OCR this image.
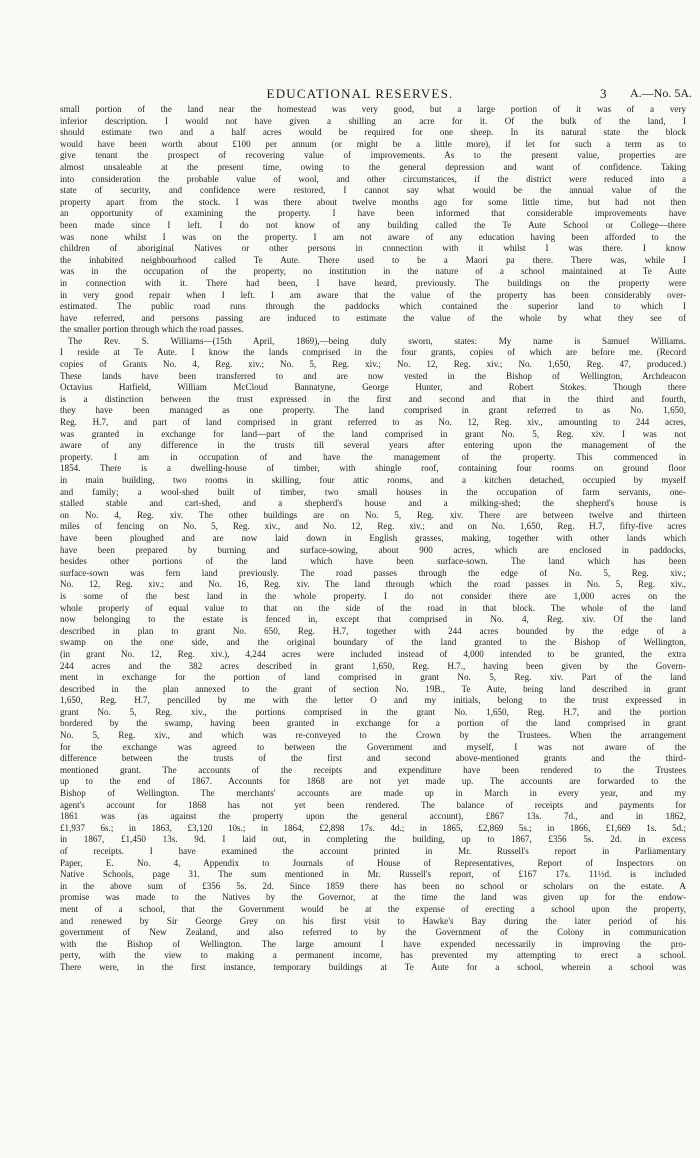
EDUCATIONAL RESERVES.	3 A.—No. 5A.
small portion of the land near the homestead was very good, but a large portion of it was of a very
inferior description. I would not have given a shilling an acre for it. Of the bulk of the land, I
should estimate two and a half acres would be required for one sheep. In its natural state the block
would have been worth about £100 per annum (or might be a little more), if let for such a term as to
give tenant the prospect of recovering value of improvements. As to the present value, properties are
almost unsaleable at the present time, owing to the general depression and want of confidence. Taking
into consideration the probable value of wool, and other circumstances, if the district were reduced into a
state of security, and confidence were restored, I cannot say what would be the annual value of the
property apart from the stock. I was there about twelve months ago for some little time, but had not then
an opportunity of examining the property. I have been informed that considerable improvements have
been made since I left. I do not know of any building called the Te Aute School or College—there
was none whilst I was on the property. I am not aware of any education having been afforded to the
children of aboriginal Natives or other persons in connection with it whilst I was there. I know
the inhabited neighbourhood called Te Aute. There used to be a Maori pa there. There was, while I
was in the occupation of the property, no institution in the nature of a school maintained at Te Aute
in connection with it. There had been, I have heard, previously. The buildings on the property were
in very good repair when I left. I am aware that the value of the property has been considerably over-
estimated. The public road runs through the paddocks which contained the superior land to which I
have referred, and persons passing are induced to estimate the value of the whole by what they see of
the smaller portion through which the road passes.
The Rev. S. Williams—(15th April, 1869),—being duly sworn, states: My name is Samuel Williams.
I reside at Te Aute. I know the lands comprised in the four grants, copies of which are before me. (Record
copies of Grants No. 4, Reg. xiv.; No. 5, Reg. xiv.; No. 12, Reg. xiv.; No. 1,650, Reg. 47, produced.)
These lands have been transferred to and are now vested in the Bishop of Wellington, Archdeacon
Octavius Hatfield, William McCloud Bannatyne, George Hunter, and Robert Stokes. Though there
is a distinction between the trust expressed in the first and second and that in the third and fourth,
they have been managed as one property. The land comprised in grant referred to as No. 1,650,
Reg. H.7, and part of land comprised in grant referred to as No. 12, Reg. xiv., amounting to 244 acres,
was granted in exchange for land—part of the land comprised in grant No. 5, Reg. xiv. I was not
aware of any difference in the trusts till several years after entering upon the management of the
property. I am in occupation of and have the management of the property. This commenced in
1854. There is a dwelling-house of timber, with shingle roof, containing four rooms on ground floor
in main building, two rooms in skilling, four attic rooms, and a kitchen detached, occupied by myself
and family; a wool-shed built of timber, two small houses in the occupation of farm servants, one-
stalled stable and cart-shed, and a shepherd's house and a milking-shed; the shepherd's house is
on No. 4, Reg. xiv. The other buildings are on No. 5, Reg. xiv. There are between twelve and thirteen
miles of fencing on No. 5, Reg. xiv., and No. 12, Reg. xiv.; and on No. 1,650, Reg. H.7, fifty-five acres
have been ploughed and are now laid down in English grasses, making, together with other lands which
have been prepared by burning and surface-sowing, about 900 acres, which are enclosed in paddocks,
besides other portions of the land which have been surface-sown. The land which has been
surface-sown was fern land previously. The road passes through the edge of No. 5, Reg. xiv.;
No. 12, Reg. xiv.; and No. 16, Reg. xiv. The land through which the road passes in No. 5, Reg. xiv.,
is some of the best land in the whole property. I do not consider there are 1,000 acres on the
whole property of equal value to that on the side of the road in that block. The whole of the land
now belonging to the estate is fenced in, except that comprised in No. 4, Reg. xiv. Of the land
described in plan to grant No. 650, Reg. H.7, together with 244 acres bounded by the edge of a
swamp on the one side, and the original boundary of the land granted to the Bishop of Wellington,
(in grant No. 12, Reg. xiv.), 4,244 acres were included instead of 4,000 intended to be granted, the extra
244 acres and the 382 acres described in grant 1,650, Reg. H.7., having been given by the Govern-
ment in exchange for the portion of land comprised in grant No. 5, Reg. xiv. Part of the land
described in the plan annexed to the grant of section No. 19B., Te Aute, being land described in grant
1,650, Reg. H.7, pencilled by me with the letter O and my initials, belong to the trust expressed in
grant No. 5, Reg. xiv., the portions comprised in the grant No. 1,650, Reg. H.7, and the portion
bordered by the swamp, having been granted in exchange for a portion of the land comprised in grant
No. 5, Reg. xiv., and which was re-conveyed to the Crown by the Trustees. When the arrangement
for the exchange was agreed to between the Government and myself, I was not aware of the
difference between the trusts of the first and second above-mentioned grants and the third-
mentioned grant. The accounts of the receipts and expenditure have been rendered to the Trustees
up to the end of 1867. Accounts for 1868 are not yet made up. The accounts are forwarded to the
Bishop of Wellington. The merchants' accounts are made up in March in every year, and my
agent's account for 1868 has not yet been rendered. The balance of receipts and payments for
1861 was (as against the property upon the general account), £867 13s. 7d., and in 1862,
£1,937 6s.; in 1863, £3,120 10s.; in 1864, £2,898 17s. 4d.; in 1865, £2,869 5s.; in 1866, £1,669 1s. 5d.;
in 1867, £1,450 13s. 9d. I laid out, in completing the building, up to 1867, £356 5s. 2d. in excess
of receipts. I have examined the account printed in Mr. Russell's report in Parliamentary
Paper, E. No. 4, Appendix to Journals of House of Representatives, Report of Inspectors on
Native Schools, page 31. The sum mentioned in Mr. Russell's report, of £167 17s. 11½d. is included
in the above sum of £356 5s. 2d. Since 1859 there has been no school or scholars on the estate. A
promise was made to the Natives by the Governor, at the time the land was given up for the endow-
ment of a school, that the Government would be at the expense of erecting a school upon the property,
and renewed by Sir George Grey on his first visit to Hawke's Bay during the later period of his
government of New Zealand, and also referred to by the Government of the Colony in communication
with the Bishop of Wellington. The large amount I have expended necessarily in improving the pro-
perty, with the view to making a permanent income, has prevented my attempting to erect a school.
There were, in the first instance, temporary buildings at Te Aute for a school, wherein a school was
